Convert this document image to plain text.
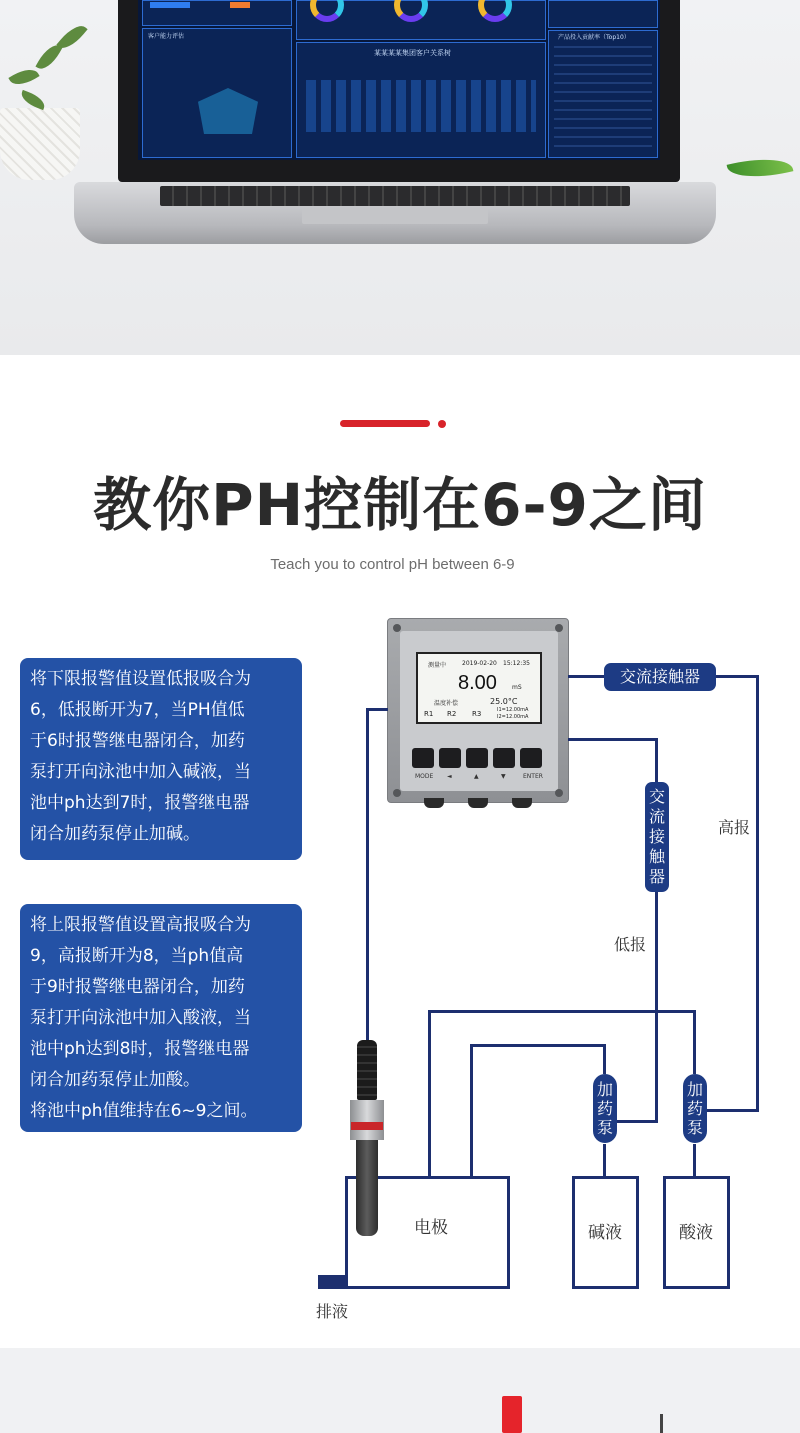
客户能力评估
某某某某集团客户关系树
产品投入贡献率（Top10）
教你PH控制在6-9之间
Teach you to control pH between 6-9
将下限报警值设置低报吸合为
6，低报断开为7，当PH值低
于6时报警继电器闭合，加药
泵打开向泳池中加入碱液，当
池中ph达到7时，报警继电器
闭合加药泵停止加碱。
将上限报警值设置高报吸合为
9，高报断开为8，当ph值高
于9时报警继电器闭合，加药
泵打开向泳池中加入酸液，当
池中ph达到8时，报警继电器
闭合加药泵停止加酸。
将池中ph值维持在6~9之间。
测量中	2019-02-20 15:12:35
8.00	mS
温度补偿	25.0°C
R1 R2 R3	I1=12.00mA
I2=12.00mA
MODE ◄	▲	▼	ENTER
交流接触器
交
流
接
触
器
高报
低报
加
药
泵
加
药
泵
电极	碱液	酸液
排液
